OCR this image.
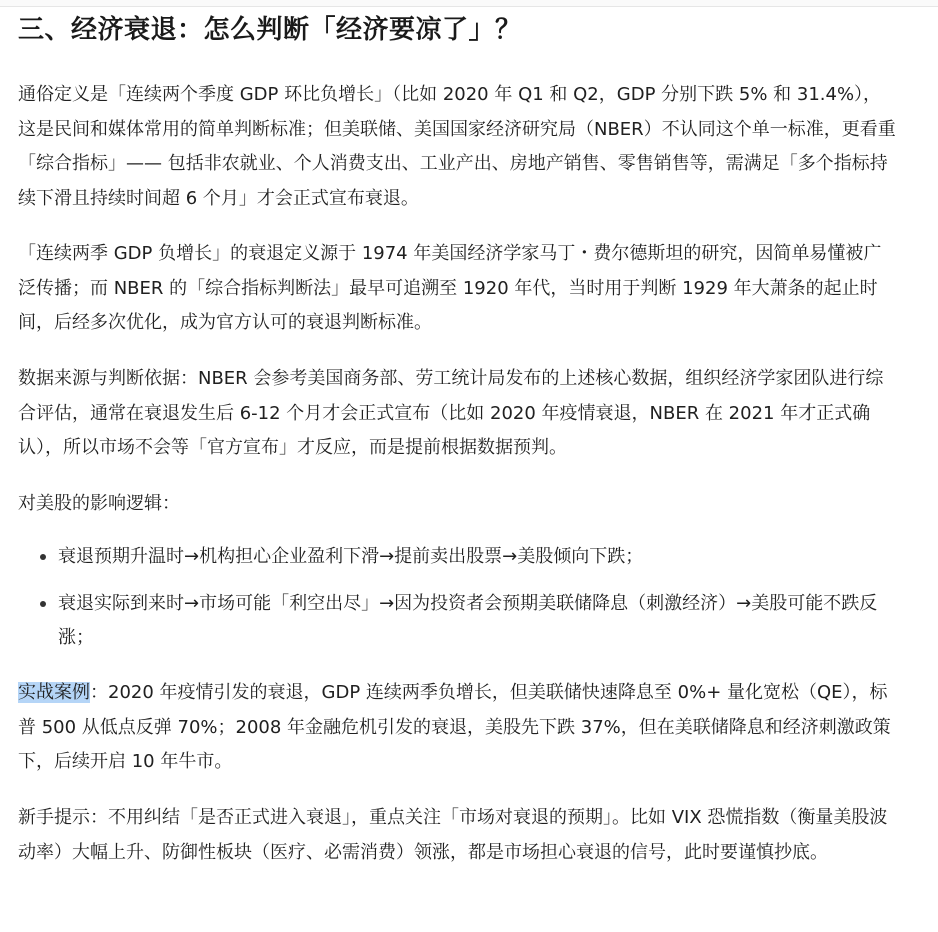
三、经济衰退：怎么判断「经济要凉了」？

通俗定义是「连续两个季度 GDP 环比负增长」（比如 2020 年 Q1 和 Q2，GDP 分别下跌 5% 和 31.4%），这是民间和媒体常用的简单判断标准；但美联储、美国国家经济研究局（NBER）不认同这个单一标准，更看重「综合指标」—— 包括非农就业、个人消费支出、工业产出、房地产销售、零售销售等，需满足「多个指标持续下滑且持续时间超 6 个月」才会正式宣布衰退。

「连续两季 GDP 负增长」的衰退定义源于 1974 年美国经济学家马丁・费尔德斯坦的研究，因简单易懂被广泛传播；而 NBER 的「综合指标判断法」最早可追溯至 1920 年代，当时用于判断 1929 年大萧条的起止时间，后经多次优化，成为官方认可的衰退判断标准。

数据来源与判断依据：NBER 会参考美国商务部、劳工统计局发布的上述核心数据，组织经济学家团队进行综合评估，通常在衰退发生后 6-12 个月才会正式宣布（比如 2020 年疫情衰退，NBER 在 2021 年才正式确认），所以市场不会等「官方宣布」才反应，而是提前根据数据预判。

对美股的影响逻辑：

衰退预期升温时→机构担心企业盈利下滑→提前卖出股票→美股倾向下跌；
衰退实际到来时→市场可能「利空出尽」→因为投资者会预期美联储降息（刺激经济）→美股可能不跌反涨；

实战案例：2020 年疫情引发的衰退，GDP 连续两季负增长，但美联储快速降息至 0%+ 量化宽松（QE），标普 500 从低点反弹 70%；2008 年金融危机引发的衰退，美股先下跌 37%，但在美联储降息和经济刺激政策下，后续开启 10 年牛市。

新手提示：不用纠结「是否正式进入衰退」，重点关注「市场对衰退的预期」。比如 VIX 恐慌指数（衡量美股波动率）大幅上升、防御性板块（医疗、必需消费）领涨，都是市场担心衰退的信号，此时要谨慎抄底。
